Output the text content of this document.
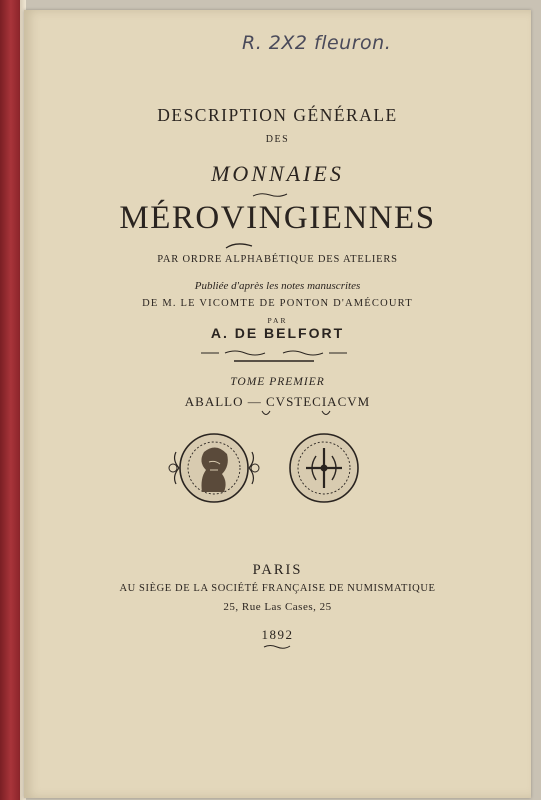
R. 2X2 fleuron.
DESCRIPTION GÉNÉRALE
DES
MONNAIES
MÉROVINGIENNES
PAR ORDRE ALPHABÉTIQUE DES ATELIERS
Publiée d'après les notes manuscrites
DE M. LE VICOMTE DE PONTON D'AMÉCOURT
PAR
A. DE BELFORT
TOME PREMIER
ABALLO — CVSTECIACVM
PARIS
AU SIÈGE DE LA SOCIÉTÉ FRANÇAISE DE NUMISMATIQUE
25, Rue Las Cases, 25
1892
